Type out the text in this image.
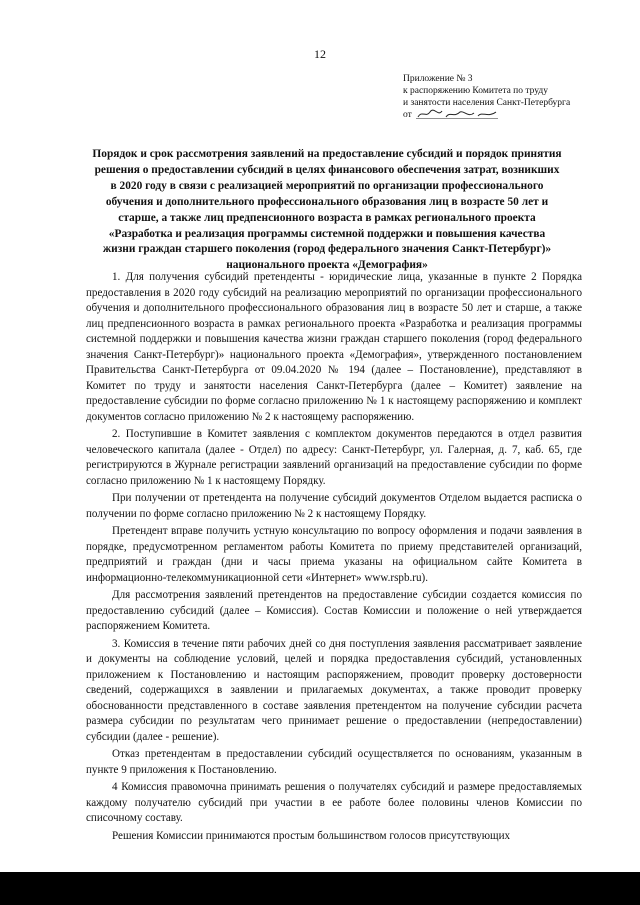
12
Приложение № 3
к распоряжению Комитета по труду
и занятости населения Санкт-Петербурга
от
Порядок и срок рассмотрения заявлений на предоставление субсидий и порядок принятия
решения о предоставлении субсидий в целях финансового обеспечения затрат, возникших
в 2020 году в связи с реализацией мероприятий по организации профессионального
обучения и дополнительного профессионального образования лиц в возрасте 50 лет и
старше, а также лиц предпенсионного возраста в рамках регионального проекта
«Разработка и реализация программы системной поддержки и повышения качества
жизни граждан старшего поколения (город федерального значения Санкт-Петербург)»
национального проекта «Демография»

1. Для получения субсидий претенденты - юридические лица, указанные в пункте 2 Порядка предоставления в 2020 году субсидий на реализацию мероприятий по организации профессионального обучения и дополнительного профессионального образования лиц в возрасте 50 лет и старше, а также лиц предпенсионного возраста в рамках регионального проекта «Разработка и реализация программы системной поддержки и повышения качества жизни граждан старшего поколения (город федерального значения Санкт-Петербург)» национального проекта «Демография», утвержденного постановлением Правительства Санкт-Петербурга от 09.04.2020 № 194 (далее – Постановление), представляют в Комитет по труду и занятости населения Санкт-Петербурга (далее – Комитет) заявление на предоставление субсидии по форме согласно приложению № 1 к настоящему распоряжению и комплект документов согласно приложению № 2 к настоящему распоряжению.

2. Поступившие в Комитет заявления с комплектом документов передаются в отдел развития человеческого капитала (далее - Отдел) по адресу: Санкт-Петербург, ул. Галерная, д. 7, каб. 65, где регистрируются в Журнале регистрации заявлений организаций на предоставление субсидии по форме согласно приложению № 1 к настоящему Порядку.

При получении от претендента на получение субсидий документов Отделом выдается расписка о получении по форме согласно приложению № 2 к настоящему Порядку.

Претендент вправе получить устную консультацию по вопросу оформления и подачи заявления в порядке, предусмотренном регламентом работы Комитета по приему представителей организаций, предприятий и граждан (дни и часы приема указаны на официальном сайте Комитета в информационно-телекоммуникационной сети «Интернет» www.rspb.ru).

Для рассмотрения заявлений претендентов на предоставление субсидии создается комиссия по предоставлению субсидий (далее – Комиссия). Состав Комиссии и положение о ней утверждается распоряжением Комитета.

3. Комиссия в течение пяти рабочих дней со дня поступления заявления рассматривает заявление и документы на соблюдение условий, целей и порядка предоставления субсидий, установленных приложением к Постановлению и настоящим распоряжением, проводит проверку достоверности сведений, содержащихся в заявлении и прилагаемых документах, а также проводит проверку обоснованности представленного в составе заявления претендентом на получение субсидии расчета размера субсидии по результатам чего принимает решение о предоставлении (непредоставлении) субсидии (далее - решение).

Отказ претендентам в предоставлении субсидий осуществляется по основаниям, указанным в пункте 9 приложения к Постановлению.

4 Комиссия правомочна принимать решения о получателях субсидий и размере предоставляемых каждому получателю субсидий при участии в ее работе более половины членов Комиссии по списочному составу.

Решения Комиссии принимаются простым большинством голосов присутствующих
